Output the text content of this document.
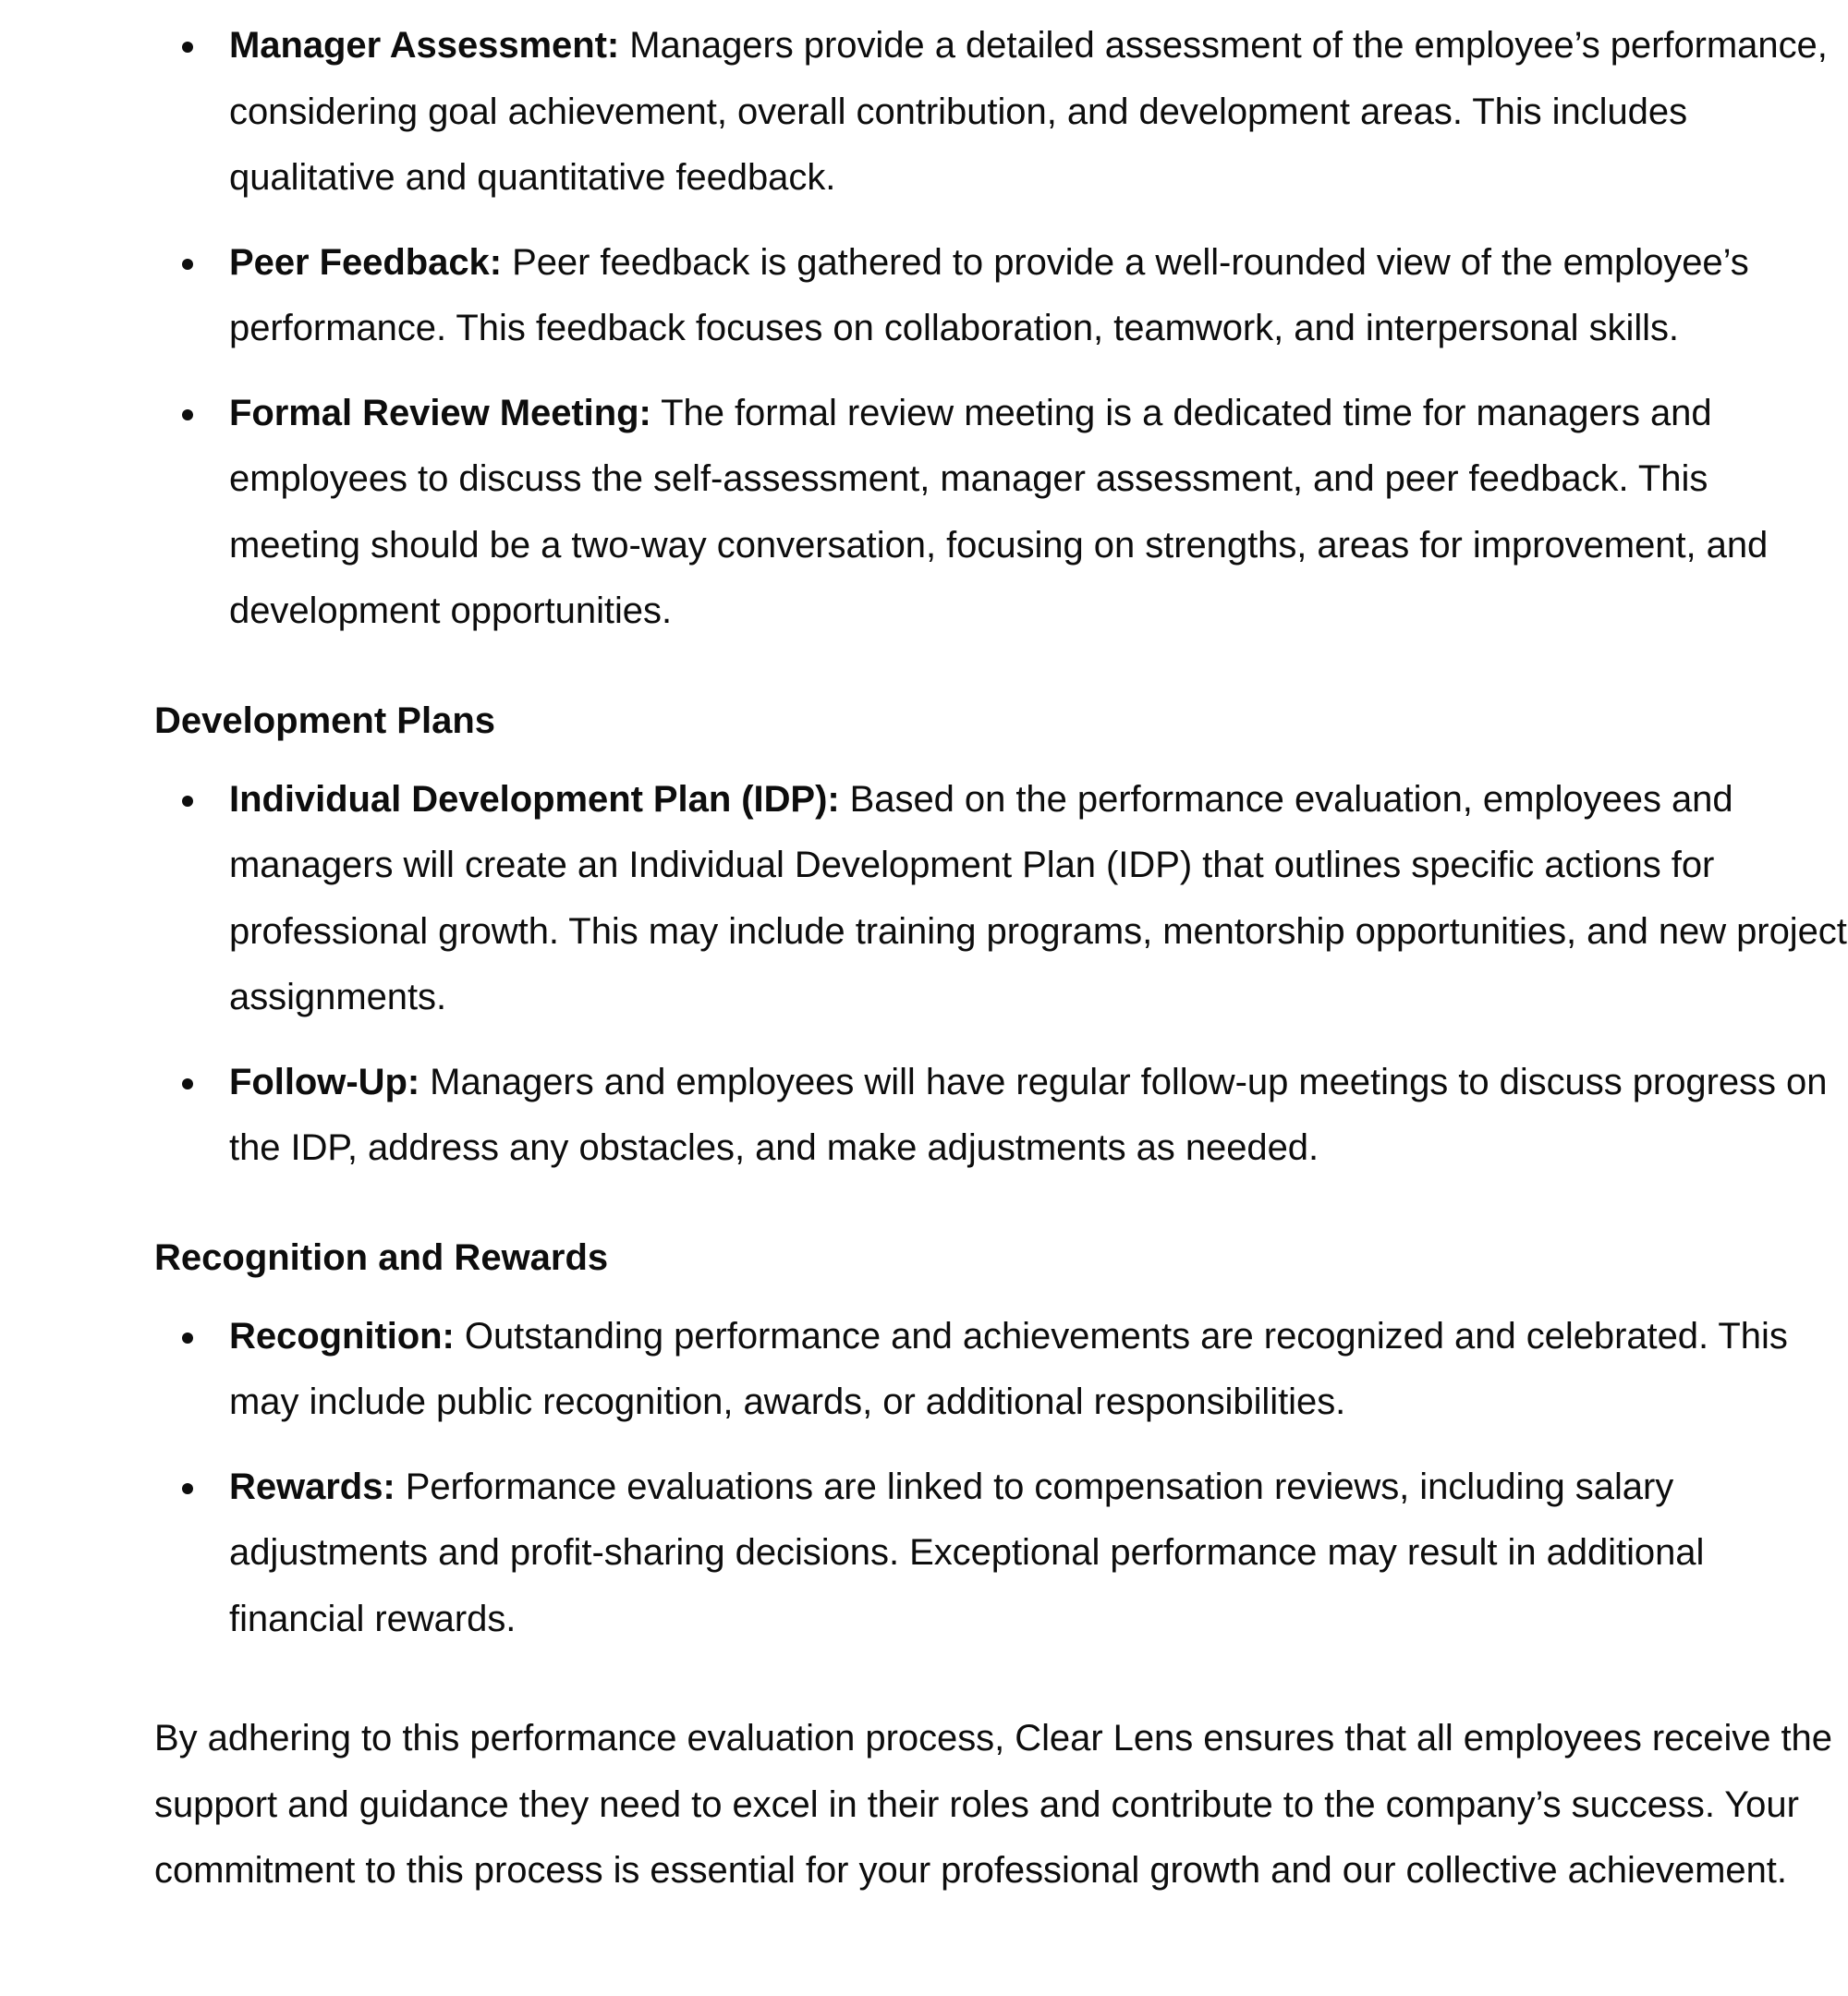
Manager Assessment: Managers provide a detailed assessment of the employee’s performance, considering goal achievement, overall contribution, and development areas. This includes qualitative and quantitative feedback.
Peer Feedback: Peer feedback is gathered to provide a well-rounded view of the employee’s performance. This feedback focuses on collaboration, teamwork, and interpersonal skills.
Formal Review Meeting: The formal review meeting is a dedicated time for managers and employees to discuss the self-assessment, manager assessment, and peer feedback. This meeting should be a two-way conversation, focusing on strengths, areas for improvement, and development opportunities.
Development Plans
Individual Development Plan (IDP): Based on the performance evaluation, employees and managers will create an Individual Development Plan (IDP) that outlines specific actions for professional growth. This may include training programs, mentorship opportunities, and new project assignments.
Follow-Up: Managers and employees will have regular follow-up meetings to discuss progress on the IDP, address any obstacles, and make adjustments as needed.
Recognition and Rewards
Recognition: Outstanding performance and achievements are recognized and celebrated. This may include public recognition, awards, or additional responsibilities.
Rewards: Performance evaluations are linked to compensation reviews, including salary adjustments and profit-sharing decisions. Exceptional performance may result in additional financial rewards.

By adhering to this performance evaluation process, Clear Lens ensures that all employees receive the support and guidance they need to excel in their roles and contribute to the company’s success. Your commitment to this process is essential for your professional growth and our collective achievement.
